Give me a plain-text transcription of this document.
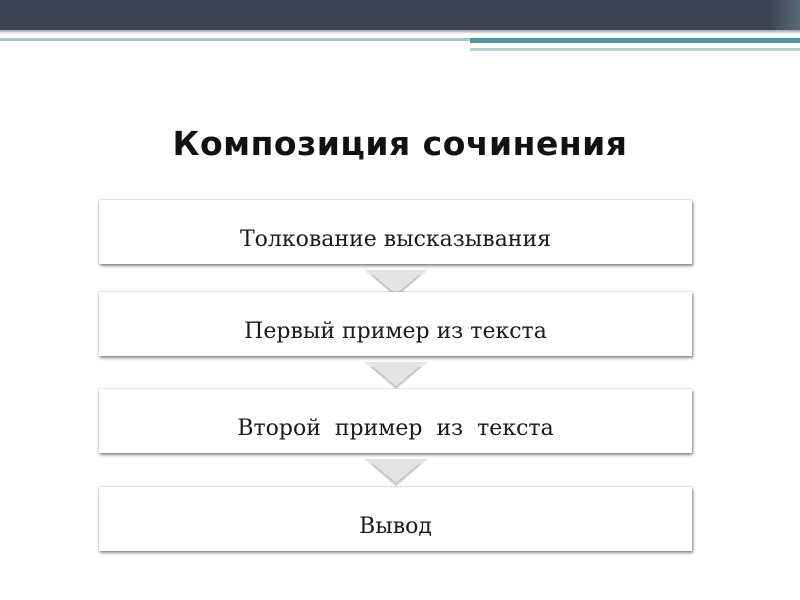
Композиция сочинения
Толкование высказывания
Первый пример из текста
Второй  пример  из  текста
Вывод
